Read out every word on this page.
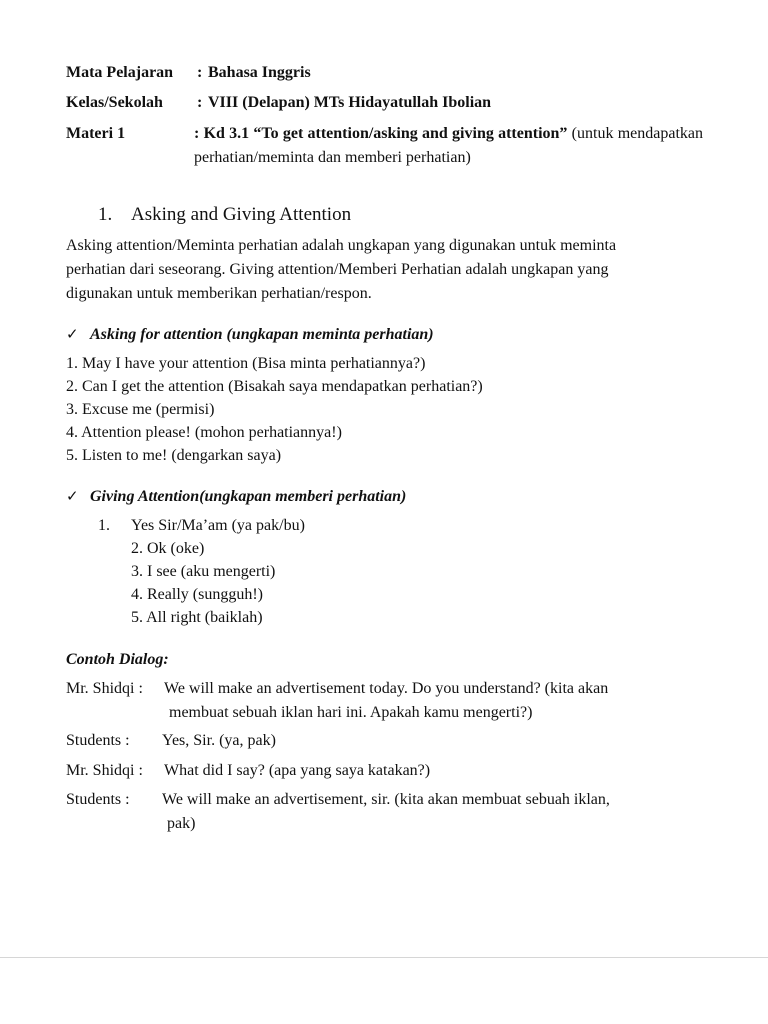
Mata Pelajaran : Bahasa Inggris
Kelas/Sekolah : VIII (Delapan) MTs Hidayatullah Ibolian
Materi 1	: Kd 3.1 “To get attention/asking and giving attention” (untuk mendapatkan perhatian/meminta dan memberi perhatian)
1. Asking and Giving Attention
Asking attention/Meminta perhatian adalah ungkapan yang digunakan untuk meminta
perhatian dari seseorang. Giving attention/Memberi Perhatian adalah ungkapan yang
digunakan untuk memberikan perhatian/respon.
✓ Asking for attention (ungkapan meminta perhatian)
1. May I have your attention (Bisa minta perhatiannya?)
2. Can I get the attention (Bisakah saya mendapatkan perhatian?)
3. Excuse me (permisi)
4. Attention please! (mohon perhatiannya!)
5. Listen to me! (dengarkan saya)
✓ Giving Attention(ungkapan memberi perhatian)
1. Yes Sir/Ma’am (ya pak/bu)
2. Ok (oke)
3. I see (aku mengerti)
4. Really (sungguh!)
5. All right (baiklah)
Contoh Dialog:
Mr. Shidqi : We will make an advertisement today. Do you understand? (kita akan
membuat sebuah iklan hari ini. Apakah kamu mengerti?)
Students : Yes, Sir. (ya, pak)
Mr. Shidqi : What did I say? (apa yang saya katakan?)
Students : We will make an advertisement, sir. (kita akan membuat sebuah iklan,
pak)
